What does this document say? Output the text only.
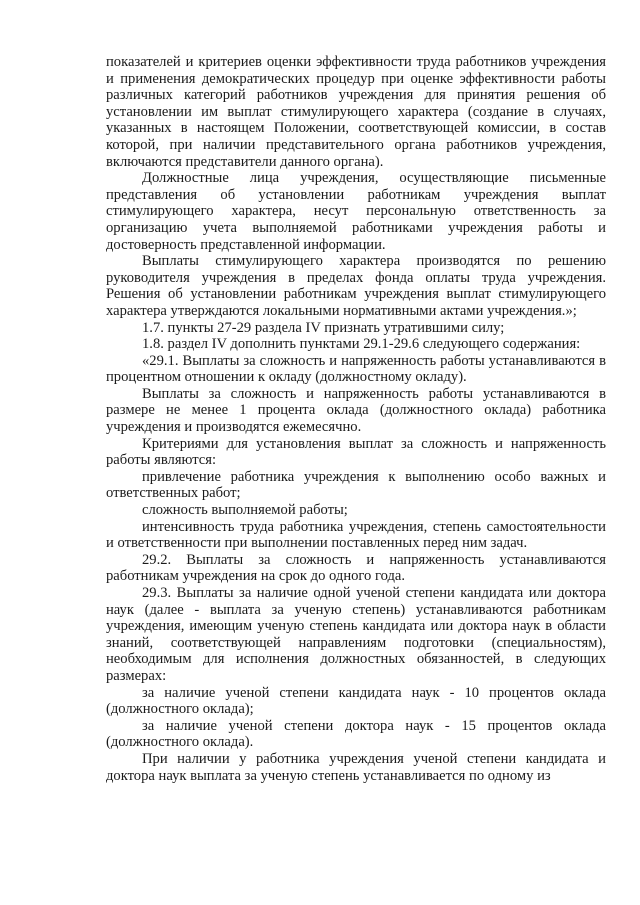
показателей и критериев оценки эффективности труда работников учреждения и применения демократических процедур при оценке эффективности работы различных категорий работников учреждения для принятия решения об установлении им выплат стимулирующего характера (создание в случаях, указанных в настоящем Положении, соответствующей комиссии, в состав которой, при наличии представительного органа работников учреждения, включаются представители данного органа).

Должностные лица учреждения, осуществляющие письменные представления об установлении работникам учреждения выплат стимулирующего характера, несут персональную ответственность за организацию учета выполняемой работниками учреждения работы и достоверность представленной информации.

Выплаты стимулирующего характера производятся по решению руководителя учреждения в пределах фонда оплаты труда учреждения. Решения об установлении работникам учреждения выплат стимулирующего характера утверждаются локальными нормативными актами учреждения.»;

1.7. пункты 27-29 раздела IV признать утратившими силу;

1.8. раздел IV дополнить пунктами 29.1-29.6 следующего содержания:

«29.1. Выплаты за сложность и напряженность работы устанавливаются в процентном отношении к окладу (должностному окладу).

Выплаты за сложность и напряженность работы устанавливаются в размере не менее 1 процента оклада (должностного оклада) работника учреждения и производятся ежемесячно.

Критериями для установления выплат за сложность и напряженность работы являются:

привлечение работника учреждения к выполнению особо важных и ответственных работ;

сложность выполняемой работы;

интенсивность труда работника учреждения, степень самостоятельности и ответственности при выполнении поставленных перед ним задач.

29.2. Выплаты за сложность и напряженность устанавливаются работникам учреждения на срок до одного года.

29.3. Выплаты за наличие одной ученой степени кандидата или доктора наук (далее - выплата за ученую степень) устанавливаются работникам учреждения, имеющим ученую степень кандидата или доктора наук в области знаний, соответствующей направлениям подготовки (специальностям), необходимым для исполнения должностных обязанностей, в следующих размерах:

за наличие ученой степени кандидата наук - 10 процентов оклада (должностного оклада);

за наличие ученой степени доктора наук - 15 процентов оклада (должностного оклада).

При наличии у работника учреждения ученой степени кандидата и доктора наук выплата за ученую степень устанавливается по одному из
